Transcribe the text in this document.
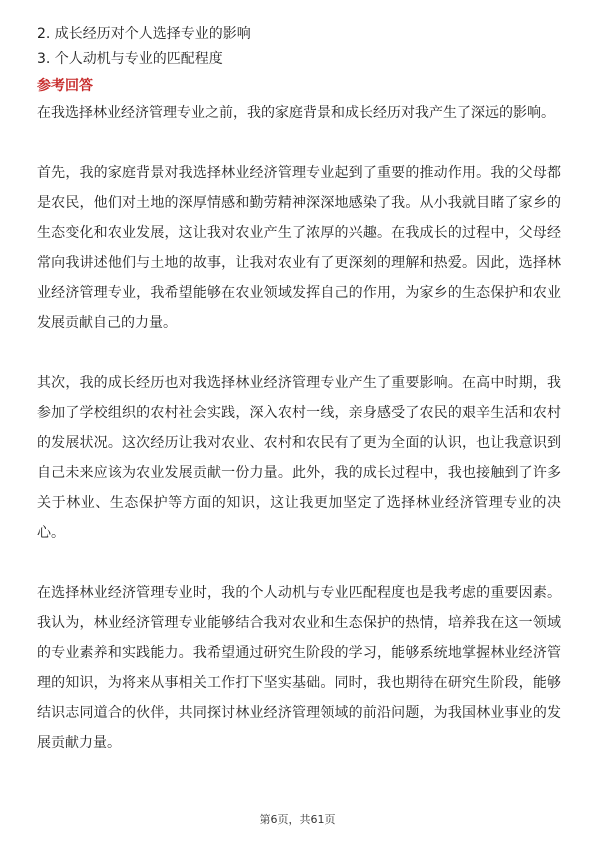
2. 成长经历对个人选择专业的影响
3. 个人动机与专业的匹配程度
参考回答

在我选择林业经济管理专业之前，我的家庭背景和成长经历对我产生了深远的影响。

首先，我的家庭背景对我选择林业经济管理专业起到了重要的推动作用。我的父母都是农民，他们对土地的深厚情感和勤劳精神深深地感染了我。从小我就目睹了家乡的生态变化和农业发展，这让我对农业产生了浓厚的兴趣。在我成长的过程中，父母经常向我讲述他们与土地的故事，让我对农业有了更深刻的理解和热爱。因此，选择林业经济管理专业，我希望能够在农业领域发挥自己的作用，为家乡的生态保护和农业发展贡献自己的力量。

其次，我的成长经历也对我选择林业经济管理专业产生了重要影响。在高中时期，我参加了学校组织的农村社会实践，深入农村一线，亲身感受了农民的艰辛生活和农村的发展状况。这次经历让我对农业、农村和农民有了更为全面的认识，也让我意识到自己未来应该为农业发展贡献一份力量。此外，我的成长过程中，我也接触到了许多关于林业、生态保护等方面的知识，这让我更加坚定了选择林业经济管理专业的决心。

在选择林业经济管理专业时，我的个人动机与专业匹配程度也是我考虑的重要因素。我认为，林业经济管理专业能够结合我对农业和生态保护的热情，培养我在这一领域的专业素养和实践能力。我希望通过研究生阶段的学习，能够系统地掌握林业经济管理的知识，为将来从事相关工作打下坚实基础。同时，我也期待在研究生阶段，能够结识志同道合的伙伴，共同探讨林业经济管理领域的前沿问题，为我国林业事业的发展贡献力量。

第6页，共61页
